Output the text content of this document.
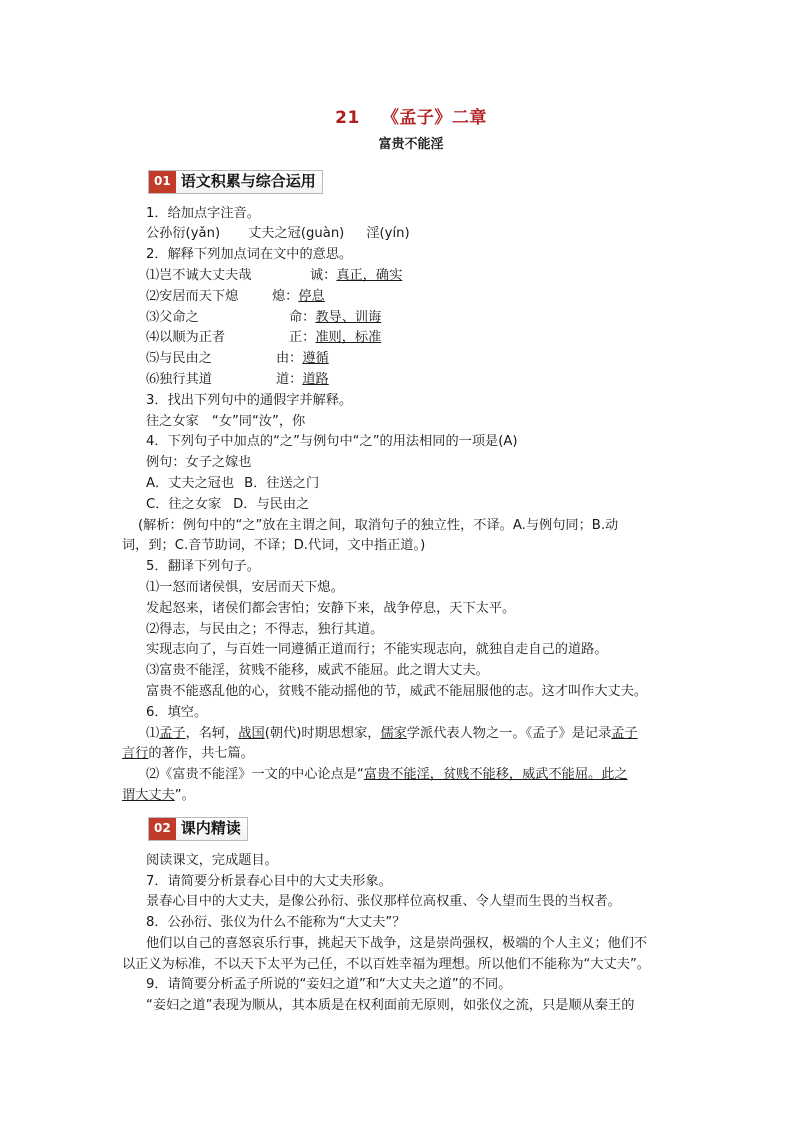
21 《孟子》二章
富贵不能淫
01 语文积累与综合运用
1．给加点字注音。
公孙衍(yǎn) 丈夫之冠(guàn) 淫(yín)
2．解释下列加点词在文中的意思。
⑴岂不诚大丈夫哉	诚：真正，确实
⑵安居而天下熄	熄：停息
⑶父命之	命：教导、训诲
⑷以顺为正者	正：准则，标准
⑸与民由之	由：遵循
⑹独行其道	道：道路
3．找出下列句中的通假字并解释。
往之女家　“女”同“汝”，你
4．下列句子中加点的“之”与例句中“之”的用法相同的一项是(A)
例句：女子之嫁也
A．丈夫之冠也 B．往送之门
C．往之女家 D．与民由之
(解析：例句中的“之”放在主谓之间，取消句子的独立性，不译。A.与例句同；B.动
词，到；C.音节助词，不译；D.代词，文中指正道。)
5．翻译下列句子。
⑴一怒而诸侯惧，安居而天下熄。
发起怒来，诸侯们都会害怕；安静下来，战争停息，天下太平。
⑵得志，与民由之；不得志，独行其道。
实现志向了，与百姓一同遵循正道而行；不能实现志向，就独自走自己的道路。
⑶富贵不能淫，贫贱不能移，威武不能屈。此之谓大丈夫。
富贵不能惑乱他的心，贫贱不能动摇他的节，威武不能屈服他的志。这才叫作大丈夫。
6．填空。
⑴孟子，名轲，战国(朝代)时期思想家，儒家学派代表人物之一。《孟子》是记录孟子
言行的著作，共七篇。
⑵《富贵不能淫》一文的中心论点是“富贵不能淫，贫贱不能移，威武不能屈。此之
谓大丈夫”。
02 课内精读
阅读课文，完成题目。
7．请简要分析景春心目中的大丈夫形象。
景春心目中的大丈夫，是像公孙衍、张仪那样位高权重、令人望而生畏的当权者。
8．公孙衍、张仪为什么不能称为“大丈夫”？
他们以自己的喜怒哀乐行事，挑起天下战争，这是崇尚强权，极端的个人主义；他们不
以正义为标准，不以天下太平为己任，不以百姓幸福为理想。所以他们不能称为“大丈夫”。
9．请简要分析孟子所说的“妾妇之道”和“大丈夫之道”的不同。
“妾妇之道”表现为顺从，其本质是在权利面前无原则，如张仪之流，只是顺从秦王的
